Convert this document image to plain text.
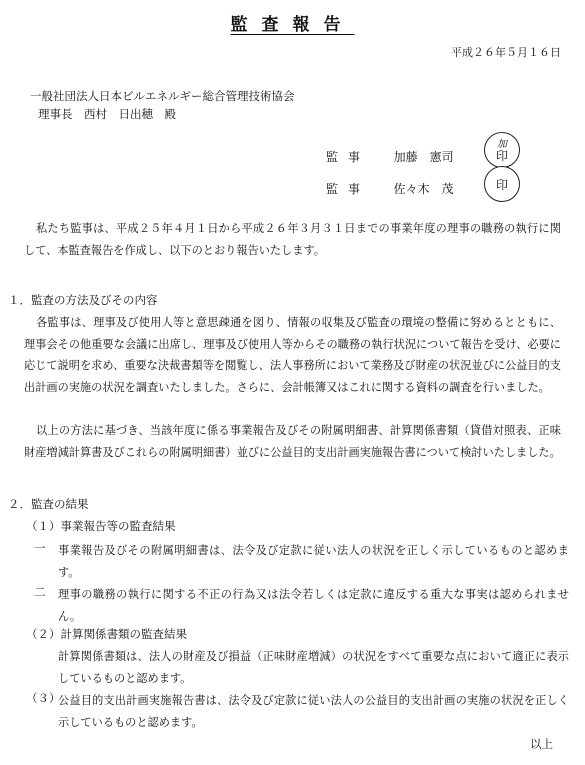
監査報告
平成２６年５月１６日
一般社団法人日本ビルエネルギー総合管理技術協会
理事長　西村　日出穂　殿
監事 加藤　憲司
加
印
監事 佐々木　茂	印
私たち監事は、平成２５年４月１日から平成２６年３月３１日までの事業年度の理事の職務の執行に関して、本監査報告を作成し、以下のとおり報告いたします。
１．監査の方法及びその内容
各監事は、理事及び使用人等と意思疎通を図り、情報の収集及び監査の環境の整備に努めるとともに、理事会その他重要な会議に出席し、理事及び使用人等からその職務の執行状況について報告を受け、必要に応じて説明を求め、重要な決裁書類等を閲覧し、法人事務所において業務及び財産の状況並びに公益目的支出計画の実施の状況を調査いたしました。さらに、会計帳簿又はこれに関する資料の調査を行いました。
以上の方法に基づき、当該年度に係る事業報告及びその附属明細書、計算関係書類（貸借対照表、正味財産増減計算書及びこれらの附属明細書）並びに公益目的支出計画実施報告書について検討いたしました。
２．監査の結果
（１）事業報告等の監査結果
一 事業報告及びその附属明細書は、法令及び定款に従い法人の状況を正しく示しているものと認めます。
二 理事の職務の執行に関する不正の行為又は法令若しくは定款に違反する重大な事実は認められません。
（２）計算関係書類の監査結果
計算関係書類は、法人の財産及び損益（正味財産増減）の状況をすべて重要な点において適正に表示しているものと認めます。
（３）
公益目的支出計画実施報告書は、法令及び定款に従い法人の公益目的支出計画の実施の状況を正しく示しているものと認めます。
以上
